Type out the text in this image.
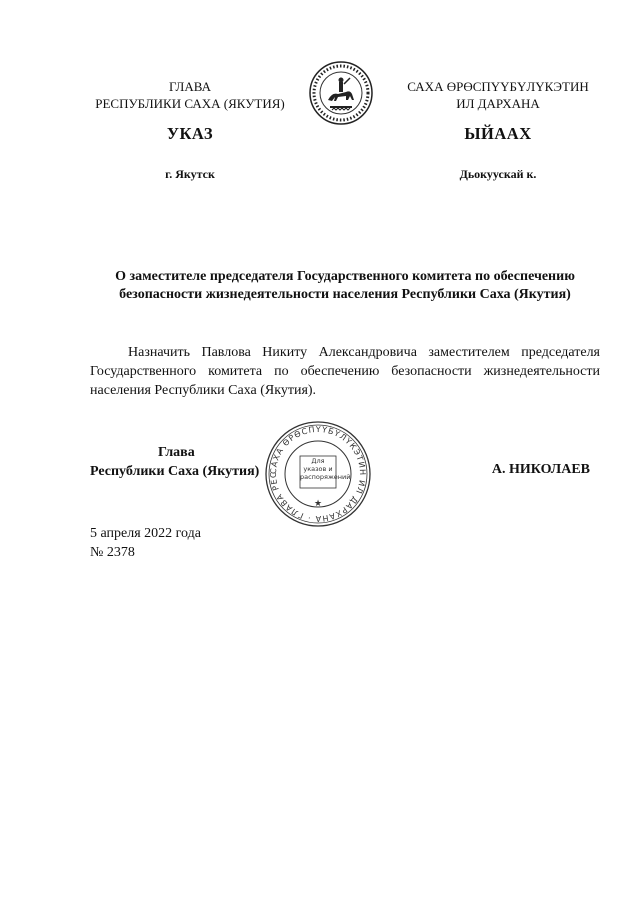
ГЛАВА
РЕСПУБЛИКИ САХА (ЯКУТИЯ)
САХА ӨРӨСПҮҮБҮЛҮКЭТИН
ИЛ ДАРХАНА
УКАЗ	ЫЙААХ
г. Якутск	Дьокуускай к.
О заместителе председателя Государственного комитета по обеспечению безопасности жизнедеятельности населения Республики Саха (Якутия)
Назначить Павлова Никиту Александровича заместителем председателя Государственного комитета по обеспечению безопасности жизнедеятельности населения Республики Саха (Якутия).
САХА ӨРӨСПҮҮБҮЛҮКЭТИН ИЛ ДАРХАНА · ГЛАВА РЕС
★
Для указов и распоряжений
Глава
Республики Саха (Якутия)	А. НИКОЛАЕВ
5 апреля 2022 года
№ 2378
